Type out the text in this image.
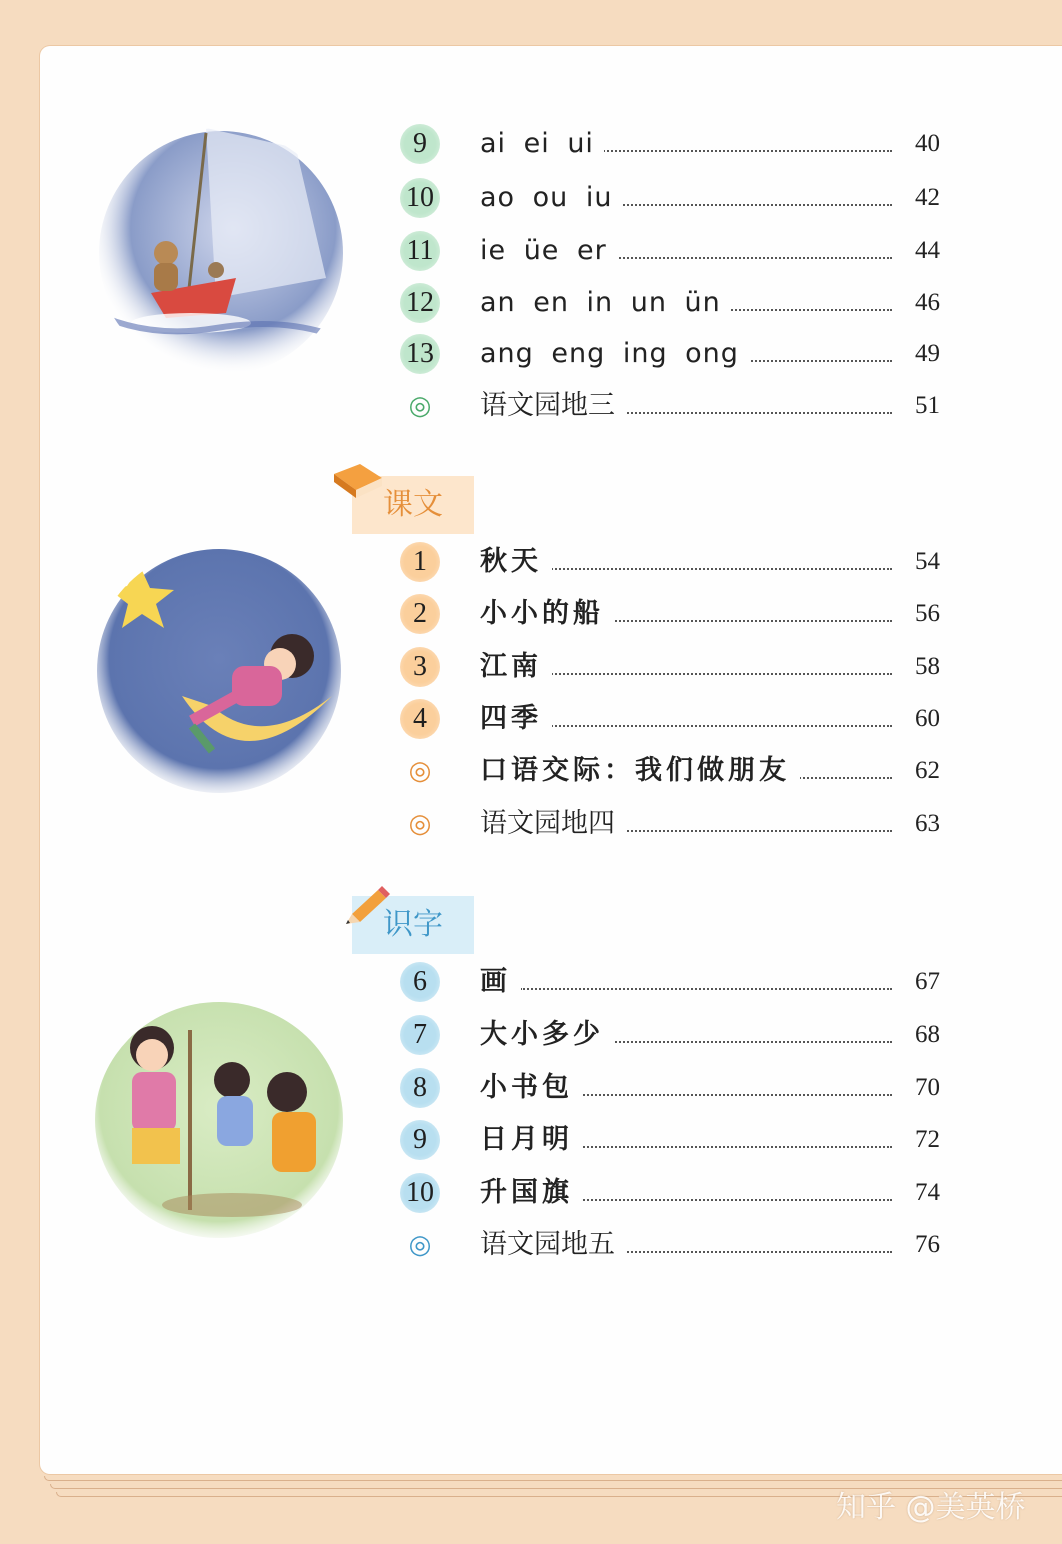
9	ai ei ui	40
10 ao ou iu	42
11 ie üe er	44
12 an en in un ün	46
13 ang eng ing ong	49
◎	语文园地三	51
课文
1	秋天	54
2	小小的船	56
3	江南	58
4	四季	60
◎	口语交际：我们做朋友	62
◎	语文园地四	63
识字
6	画	67
7	大小多少	68
8	小书包	70
9	日月明	72
10 升国旗	74
◎	语文园地五	76
知乎 @美英桥
